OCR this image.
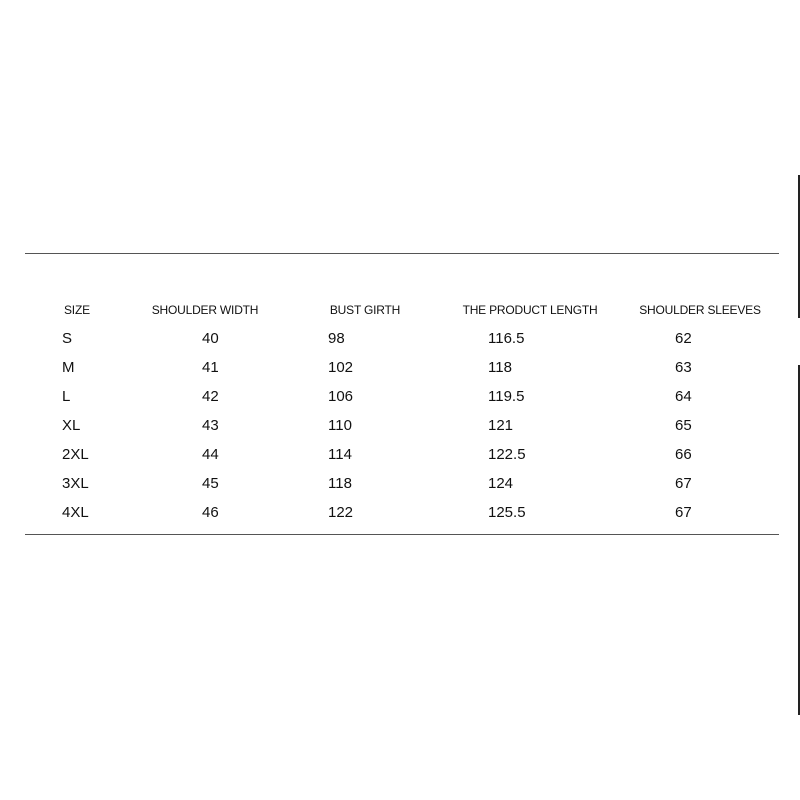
SIZE	SHOULDER WIDTH	BUST GIRTH	THE PRODUCT LENGTH	SHOULDER SLEEVES
S	40	98	116.5	62
M	41	102	118	63
L	42	106	119.5	64
XL	43	110	121	65
2XL	44	114	122.5	66
3XL	45	118	124	67
4XL	46	122	125.5	67
